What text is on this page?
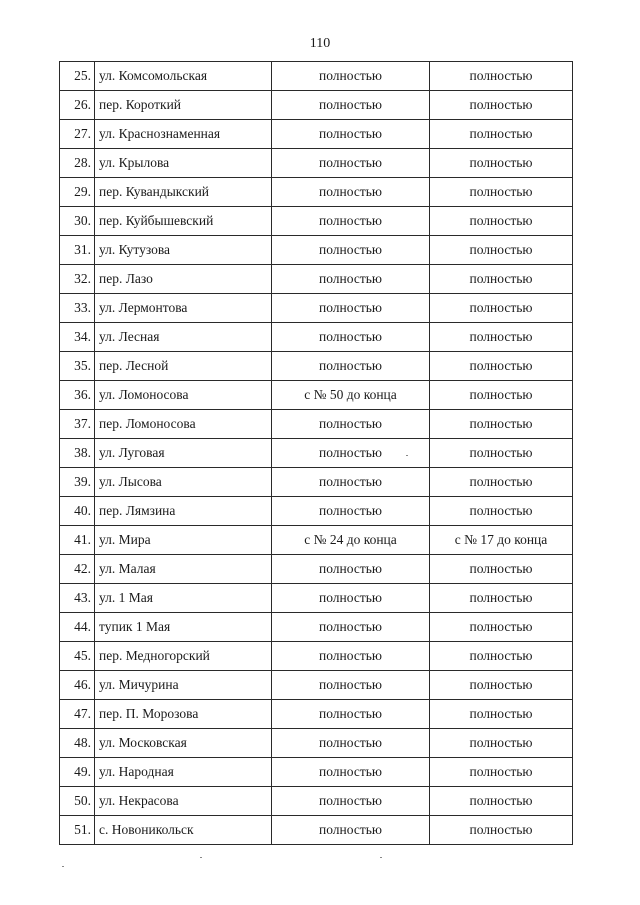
110
25.	ул. Комсомольская	полностью	полностью
26.	пер. Короткий	полностью	полностью
27.	ул. Краснознаменная	полностью	полностью
28.	ул. Крылова	полностью	полностью
29.	пер. Кувандыкский	полностью	полностью
30.	пер. Куйбышевский	полностью	полностью
31.	ул. Кутузова	полностью	полностью
32.	пер. Лазо	полностью	полностью
33.	ул. Лермонтова	полностью	полностью
34.	ул. Лесная	полностью	полностью
35.	пер. Лесной	полностью	полностью
36.	ул. Ломоносова	с № 50 до конца	полностью
37.	пер. Ломоносова	полностью	полностью
38.	ул. Луговая	полностью	полностью
39.	ул. Лысова	полностью	полностью
40.	пер. Лямзина	полностью	полностью
41.	ул. Мира	с № 24 до конца	с № 17 до конца
42.	ул. Малая	полностью	полностью
43.	ул. 1 Мая	полностью	полностью
44.	тупик 1 Мая	полностью	полностью
45.	пер. Медногорский	полностью	полностью
46.	ул. Мичурина	полностью	полностью
47.	пер. П. Морозова	полностью	полностью
48.	ул. Московская	полностью	полностью
49.	ул. Народная	полностью	полностью
50.	ул. Некрасова	полностью	полностью
51.	с. Новоникольск	полностью	полностью
